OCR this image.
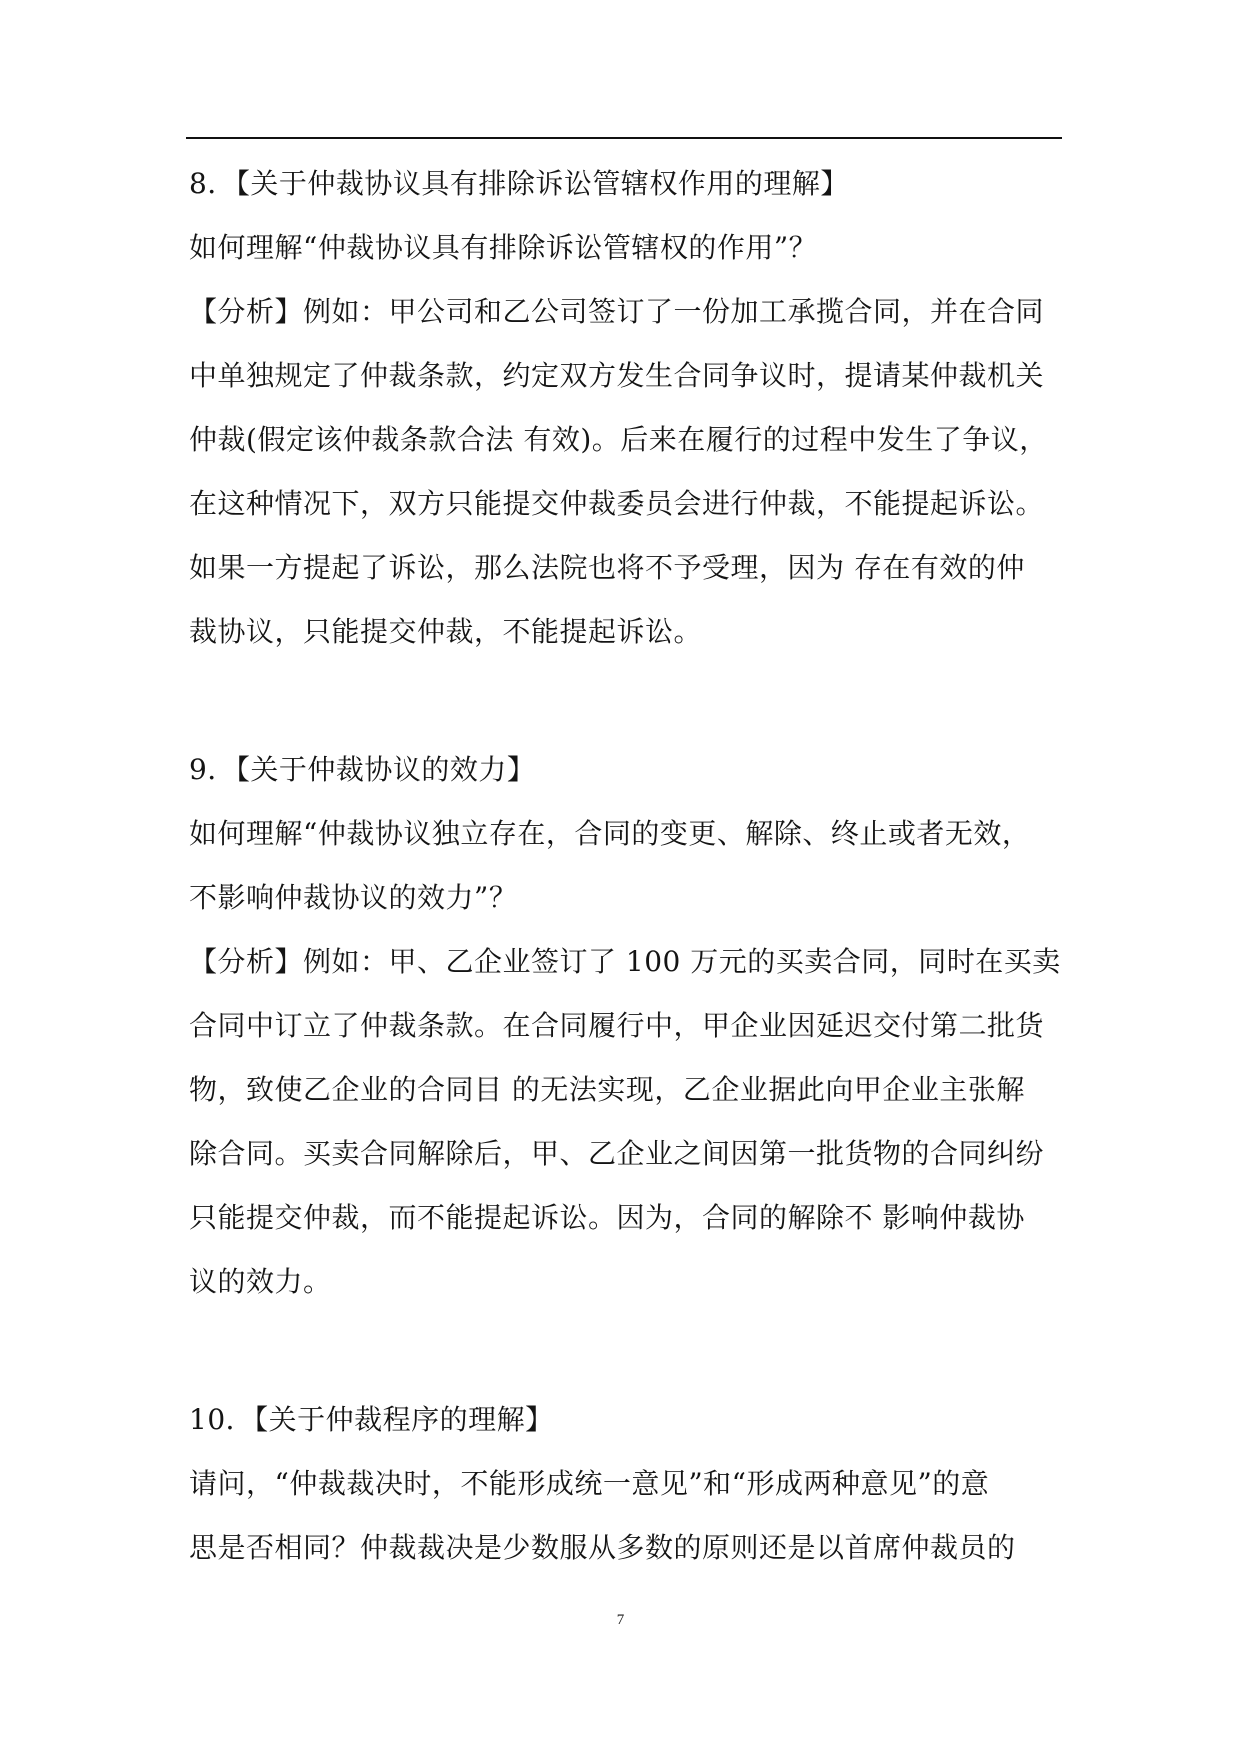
8．【关于仲裁协议具有排除诉讼管辖权作用的理解】
如何理解“仲裁协议具有排除诉讼管辖权的作用”？
【分析】例如：甲公司和乙公司签订了一份加工承揽合同，并在合同
中单独规定了仲裁条款，约定双方发生合同争议时，提请某仲裁机关
仲裁(假定该仲裁条款合法 有效)。后来在履行的过程中发生了争议，
在这种情况下，双方只能提交仲裁委员会进行仲裁，不能提起诉讼。
如果一方提起了诉讼，那么法院也将不予受理，因为 存在有效的仲
裁协议，只能提交仲裁，不能提起诉讼。
9．【关于仲裁协议的效力】
如何理解“仲裁协议独立存在，合同的变更、解除、终止或者无效，
不影响仲裁协议的效力”？
【分析】例如：甲、乙企业签订了 100 万元的买卖合同，同时在买卖
合同中订立了仲裁条款。在合同履行中，甲企业因延迟交付第二批货
物，致使乙企业的合同目 的无法实现，乙企业据此向甲企业主张解
除合同。买卖合同解除后，甲、乙企业之间因第一批货物的合同纠纷
只能提交仲裁，而不能提起诉讼。因为，合同的解除不 影响仲裁协
议的效力。
10．【关于仲裁程序的理解】
请问，“仲裁裁决时，不能形成统一意见”和“形成两种意见”的意
思是否相同？仲裁裁决是少数服从多数的原则还是以首席仲裁员的
7
